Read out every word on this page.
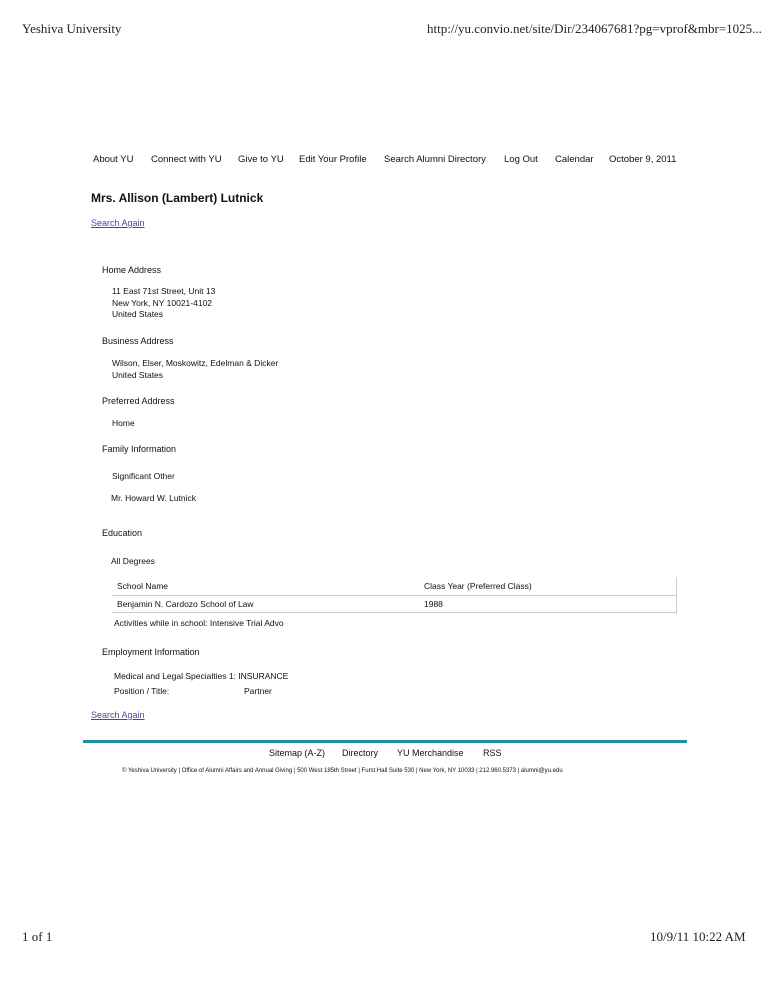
Yeshiva University	http://yu.convio.net/site/Dir/234067681?pg=vprof&mbr=1025...
About YU Connect with YU Give to YU Edit Your Profile Search Alumni Directory Log Out Calendar October 9, 2011
Mrs. Allison (Lambert) Lutnick
Search Again
Home Address
11 East 71st Street, Unit 13
New York, NY 10021-4102
United States
Business Address
Wilson, Elser, Moskowitz, Edelman & Dicker
United States
Preferred Address
Home
Family Information
Significant Other
Mr. Howard W. Lutnick
Education
All Degrees
School Name	Class Year (Preferred Class)
Benjamin N. Cardozo School of Law	1988
Activities while in school: Intensive Trial Advo
Employment Information
Medical and Legal Specialties 1: INSURANCE
Position / Title:	Partner
Search Again
Sitemap (A-Z) Directory YU Merchandise RSS
© Yeshiva University | Office of Alumni Affairs and Annual Giving | 500 West 185th Street | Furst Hall Suite 530 | New York, NY 10033 | 212.960.5373 | alumni@yu.edu
1 of 1	10/9/11 10:22 AM
